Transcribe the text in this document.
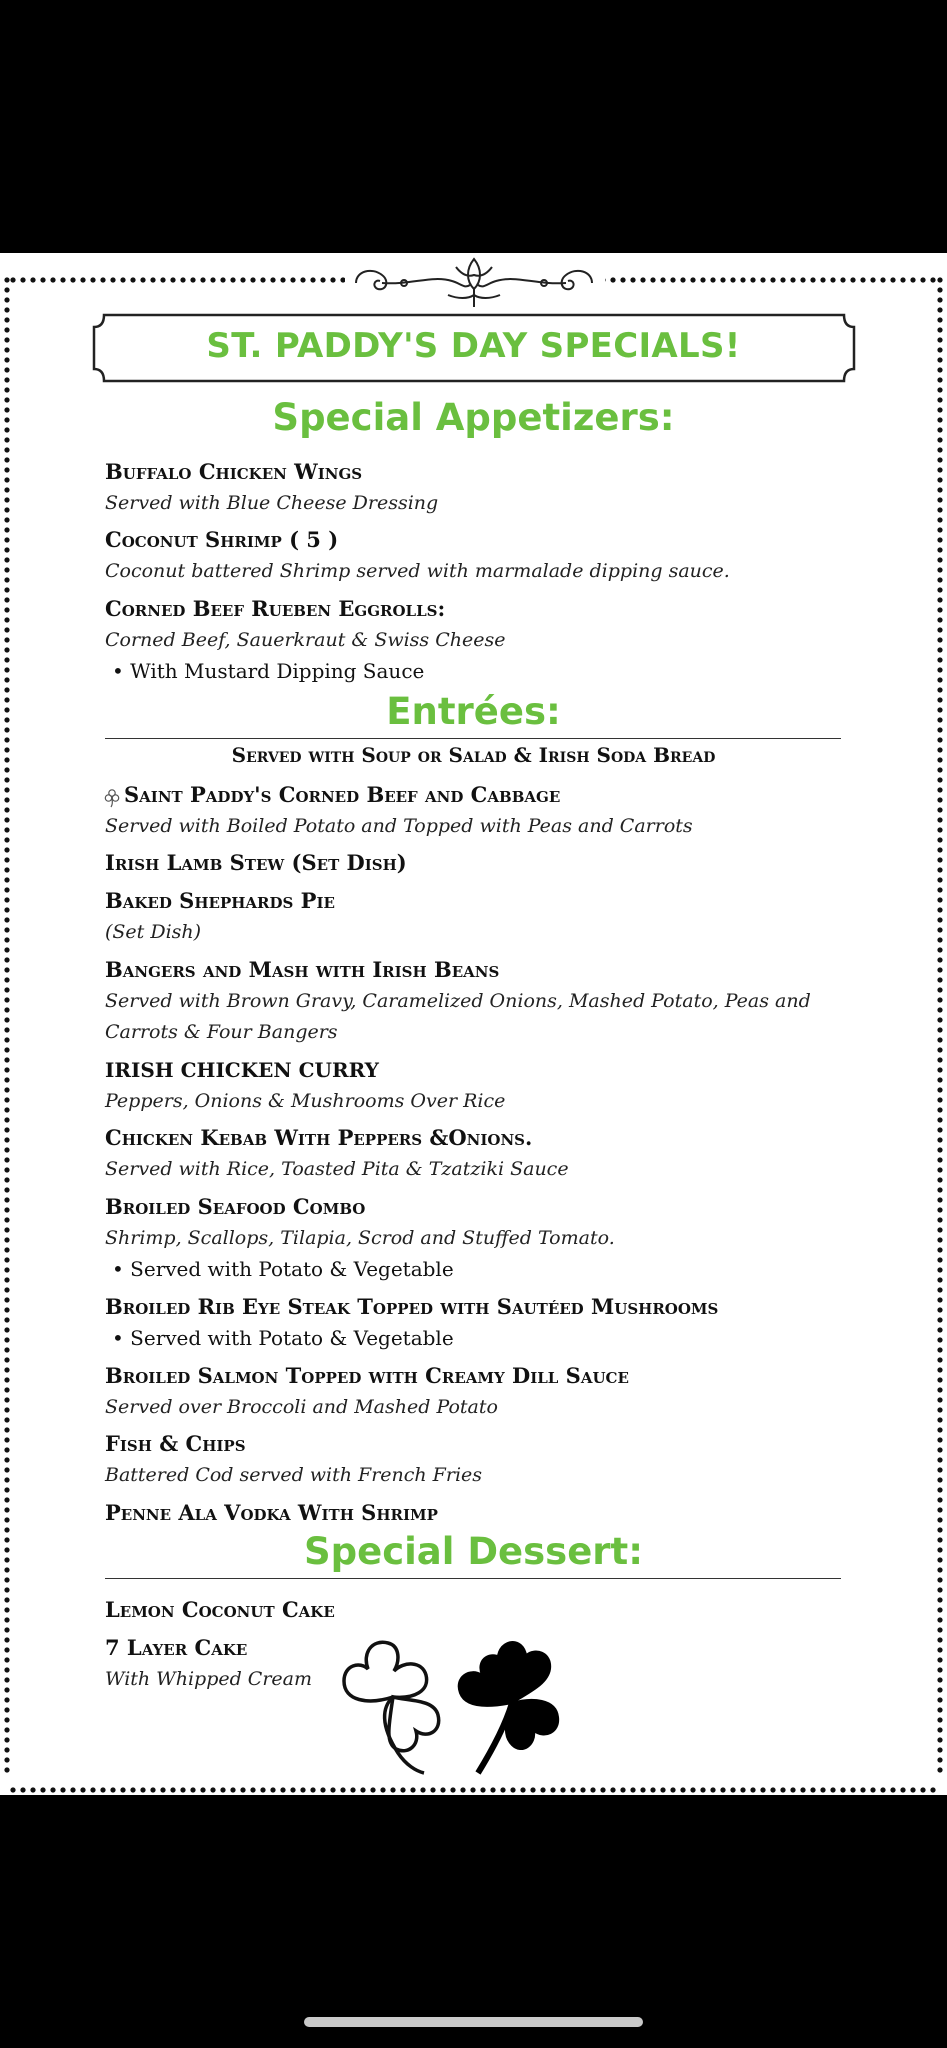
ST. PADDY'S DAY SPECIALS!
Special Appetizers:
Buffalo Chicken Wings
Served with Blue Cheese Dressing
Coconut Shrimp ( 5 )
Coconut battered Shrimp served with marmalade dipping sauce.
Corned Beef Rueben Eggrolls:
Corned Beef, Sauerkraut & Swiss Cheese
• With Mustard Dipping Sauce
Entrées:
Served with Soup or Salad & Irish Soda Bread
Saint Paddy's Corned Beef and Cabbage
Served with Boiled Potato and Topped with Peas and Carrots
Irish Lamb Stew (Set Dish)
Baked Shephards Pie
(Set Dish)
Bangers and Mash with Irish Beans
Served with Brown Gravy, Caramelized Onions, Mashed Potato, Peas and
Carrots & Four Bangers
IRISH CHICKEN CURRY
Peppers, Onions & Mushrooms Over Rice
Chicken Kebab With Peppers &Onions.
Served with Rice, Toasted Pita & Tzatziki Sauce
Broiled Seafood Combo
Shrimp, Scallops, Tilapia, Scrod and Stuffed Tomato.
• Served with Potato & Vegetable
Broiled Rib Eye Steak Topped with Sautéed Mushrooms
• Served with Potato & Vegetable
Broiled Salmon Topped with Creamy Dill Sauce
Served over Broccoli and Mashed Potato
Fish & Chips
Battered Cod served with French Fries
Penne Ala Vodka With Shrimp
Special Dessert:
Lemon Coconut Cake
7 Layer Cake
With Whipped Cream
